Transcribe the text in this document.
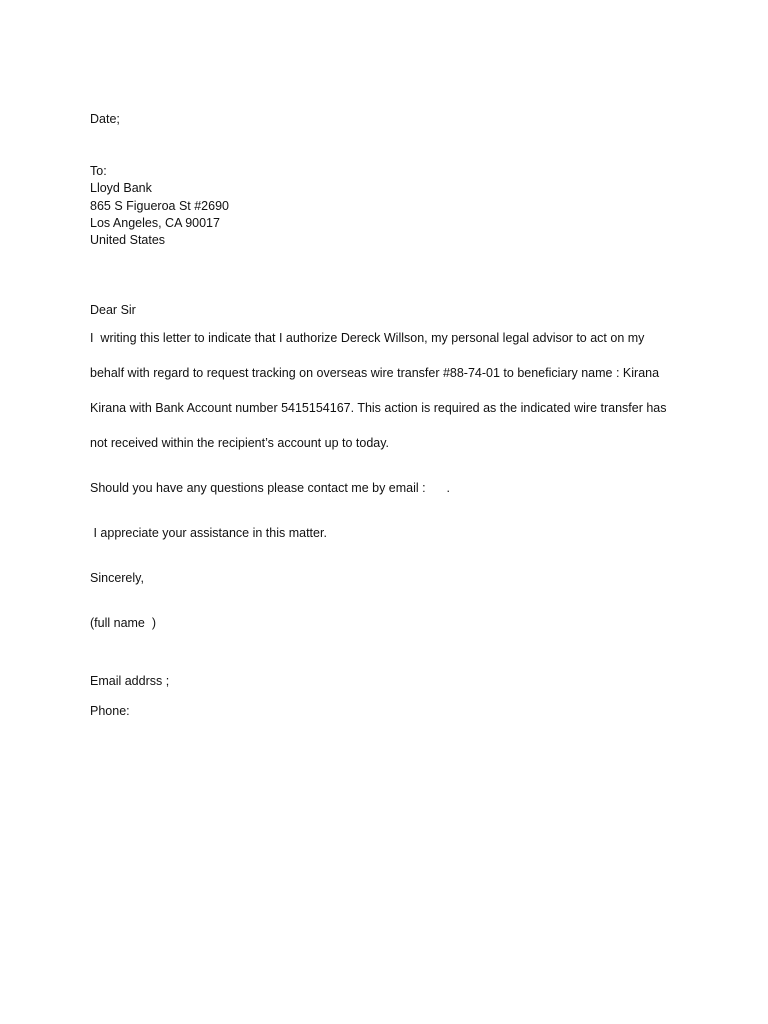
Date;
To:
Lloyd Bank
865 S Figueroa St #2690
Los Angeles, CA 90017
United States
Dear Sir
I  writing this letter to indicate that I authorize Dereck Willson, my personal legal advisor to act on my
behalf with regard to request tracking on overseas wire transfer #88-74-01 to beneficiary name : Kirana
Kirana with Bank Account number 5415154167. This action is required as the indicated wire transfer has
not received within the recipient’s account up to today.
Should you have any questions please contact me by email :      .
I appreciate your assistance in this matter.
Sincerely,
(full name  )
Email addrss ;
Phone:
